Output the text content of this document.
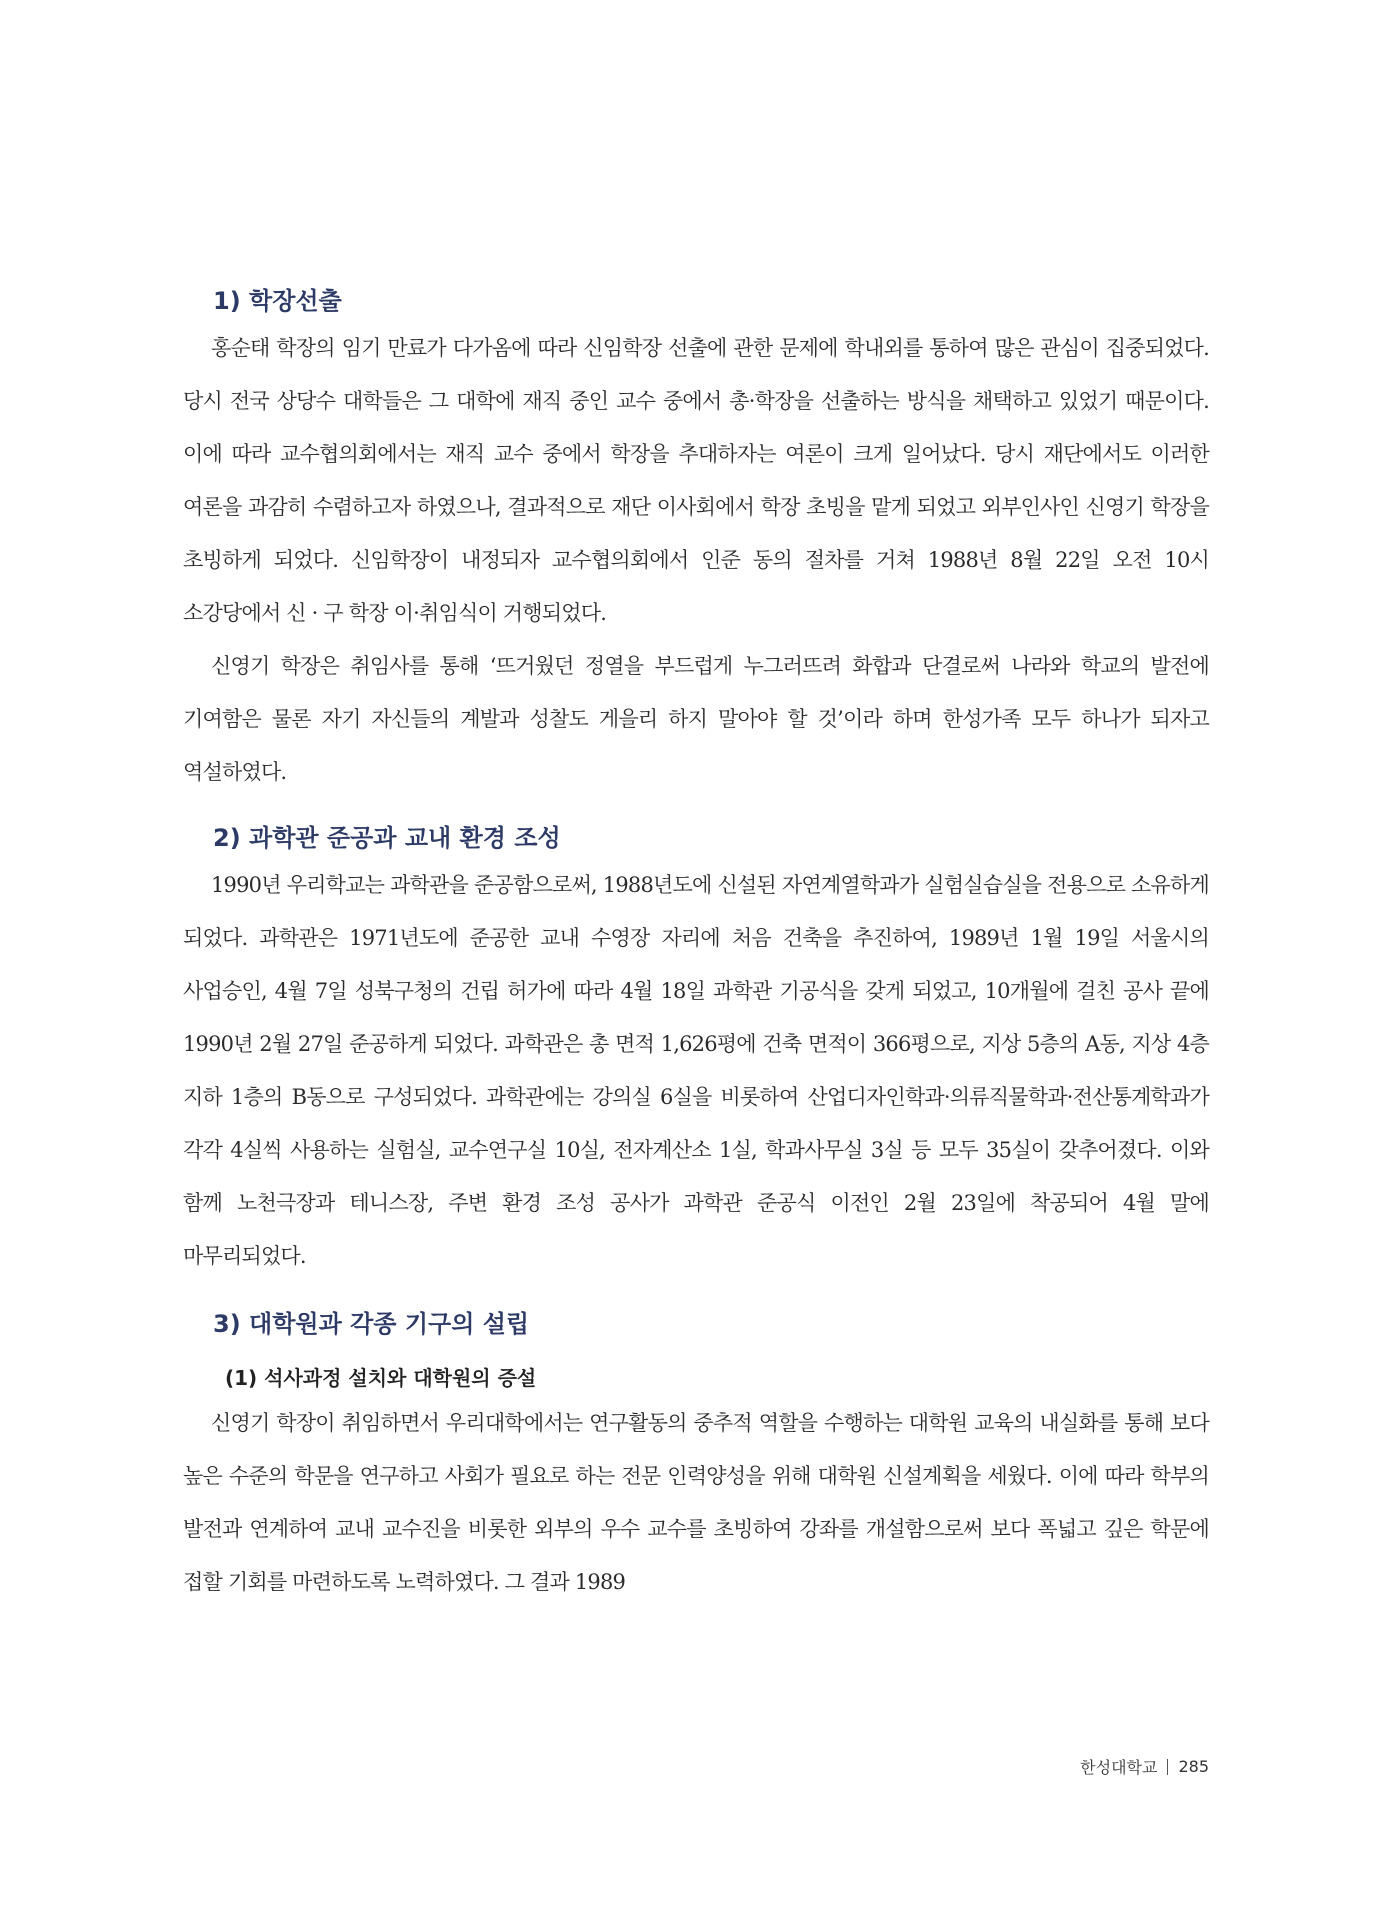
1) 학장선출

홍순태 학장의 임기 만료가 다가옴에 따라 신임학장 선출에 관한 문제에 학내외를 통하여 많은 관심이 집중되었다. 당시 전국 상당수 대학들은 그 대학에 재직 중인 교수 중에서 총·학장을 선출하는 방식을 채택하고 있었기 때문이다. 이에 따라 교수협의회에서는 재직 교수 중에서 학장을 추대하자는 여론이 크게 일어났다. 당시 재단에서도 이러한 여론을 과감히 수렴하고자 하였으나, 결과적으로 재단 이사회에서 학장 초빙을 맡게 되었고 외부인사인 신영기 학장을 초빙하게 되었다. 신임학장이 내정되자 교수협의회에서 인준 동의 절차를 거쳐 1988년 8월 22일 오전 10시 소강당에서 신 · 구 학장 이·취임식이 거행되었다.

신영기 학장은 취임사를 통해 ‘뜨거웠던 정열을 부드럽게 누그러뜨려 화합과 단결로써 나라와 학교의 발전에 기여함은 물론 자기 자신들의 계발과 성찰도 게을리 하지 말아야 할 것’이라 하며 한성가족 모두 하나가 되자고 역설하였다.

2) 과학관 준공과 교내 환경 조성

1990년 우리학교는 과학관을 준공함으로써, 1988년도에 신설된 자연계열학과가 실험실습실을 전용으로 소유하게 되었다. 과학관은 1971년도에 준공한 교내 수영장 자리에 처음 건축을 추진하여, 1989년 1월 19일 서울시의 사업승인, 4월 7일 성북구청의 건립 허가에 따라 4월 18일 과학관 기공식을 갖게 되었고, 10개월에 걸친 공사 끝에 1990년 2월 27일 준공하게 되었다. 과학관은 총 면적 1,626평에 건축 면적이 366평으로, 지상 5층의 A동, 지상 4층 지하 1층의 B동으로 구성되었다. 과학관에는 강의실 6실을 비롯하여 산업디자인학과·의류직물학과·전산통계학과가 각각 4실씩 사용하는 실험실, 교수연구실 10실, 전자계산소 1실, 학과사무실 3실 등 모두 35실이 갖추어졌다. 이와 함께 노천극장과 테니스장, 주변 환경 조성 공사가 과학관 준공식 이전인 2월 23일에 착공되어 4월 말에 마무리되었다.

3) 대학원과 각종 기구의 설립
(1) 석사과정 설치와 대학원의 증설

신영기 학장이 취임하면서 우리대학에서는 연구활동의 중추적 역할을 수행하는 대학원 교육의 내실화를 통해 보다 높은 수준의 학문을 연구하고 사회가 필요로 하는 전문 인력양성을 위해 대학원 신설계획을 세웠다. 이에 따라 학부의 발전과 연계하여 교내 교수진을 비롯한 외부의 우수 교수를 초빙하여 강좌를 개설함으로써 보다 폭넓고 깊은 학문에 접할 기회를 마련하도록 노력하였다. 그 결과 1989

한성대학교 285
